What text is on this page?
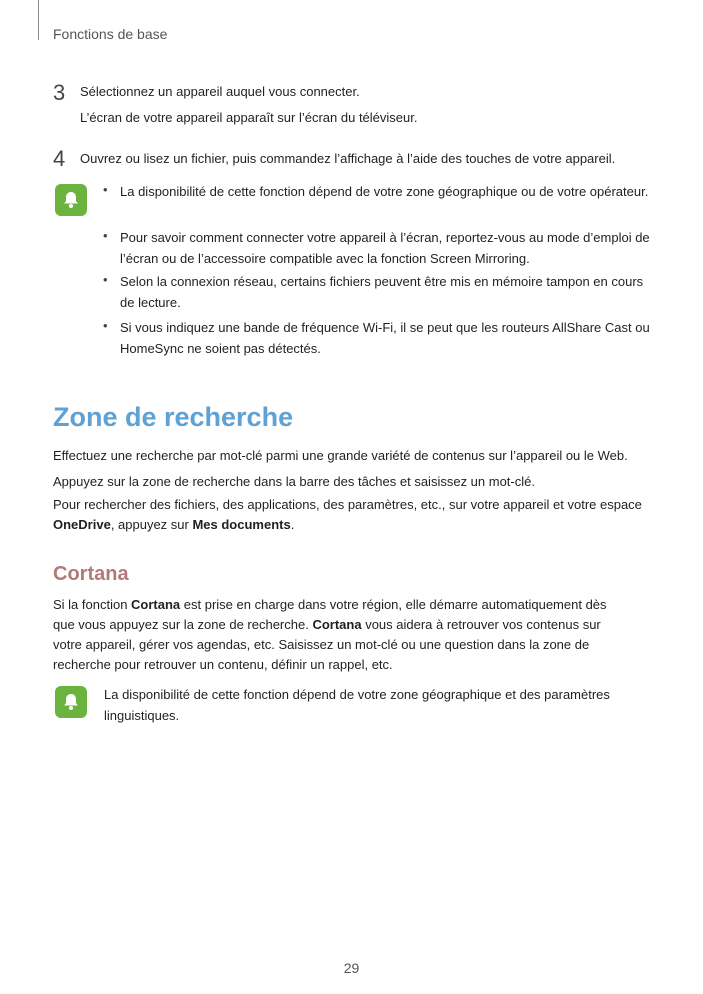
Fonctions de base
3 Sélectionnez un appareil auquel vous connecter.
L’écran de votre appareil apparaît sur l’écran du téléviseur.
4 Ouvrez ou lisez un fichier, puis commandez l’affichage à l’aide des touches de votre appareil.
• La disponibilité de cette fonction dépend de votre zone géographique ou de votre opérateur.
• Pour savoir comment connecter votre appareil à l’écran, reportez-vous au mode d’emploi de l’écran ou de l’accessoire compatible avec la fonction Screen Mirroring.
• Selon la connexion réseau, certains fichiers peuvent être mis en mémoire tampon en cours de lecture.
• Si vous indiquez une bande de fréquence Wi-Fi, il se peut que les routeurs AllShare Cast ou HomeSync ne soient pas détectés.
Zone de recherche
Effectuez une recherche par mot-clé parmi une grande variété de contenus sur l’appareil ou le Web.
Appuyez sur la zone de recherche dans la barre des tâches et saisissez un mot-clé.
Pour rechercher des fichiers, des applications, des paramètres, etc., sur votre appareil et votre espace OneDrive, appuyez sur Mes documents.
Cortana
Si la fonction Cortana est prise en charge dans votre région, elle démarre automatiquement dès que vous appuyez sur la zone de recherche. Cortana vous aidera à retrouver vos contenus sur votre appareil, gérer vos agendas, etc. Saisissez un mot-clé ou une question dans la zone de recherche pour retrouver un contenu, définir un rappel, etc.
La disponibilité de cette fonction dépend de votre zone géographique et des paramètres linguistiques.
29
